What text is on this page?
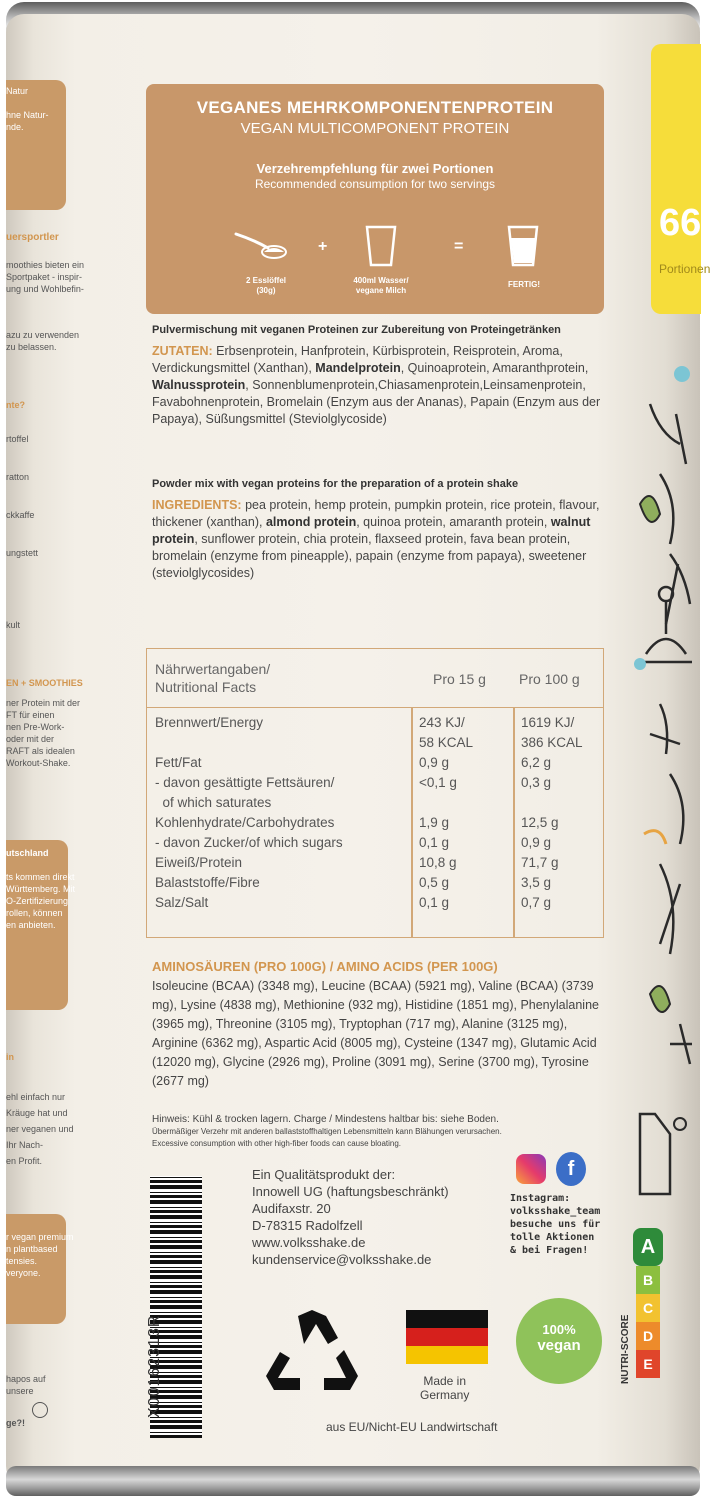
Natur
hne Natur-
nde.
uersportler
moothies bieten ein
Sportpaket - inspir-
ung und Wohlbefin-
azu zu verwenden
zu belassen.
nte?
rtoffel
ratton
ckkaffe
ungstett
kult
EN + SMOOTHIES
ner Protein mit der
FT für einen
nen Pre-Work-
oder mit der
RAFT als idealen
Workout-Shake.
utschland
ts kommen direkt
Württemberg. Mit
O-Zertifizierung
rollen, können
en anbieten.
in
ehl einfach nur
Kräuge hat und
ner veganen und
Ihr Nach-
en Profit.
r vegan premium
n plantbased
tensies.
veryone.
hapos auf
unsere
ge?!
VEGANES MEHRKOMPONENTENPROTEIN
VEGAN MULTICOMPONENT PROTEIN
Verzehrempfehlung für zwei Portionen
Recommended consumption for two servings
2 Esslöffel
(30g)
+
400ml Wasser/
vegane Milch
=
FERTIG!
66
Portionen
Pulvermischung mit veganen Proteinen zur Zubereitung von Proteingetränken
ZUTATEN: Erbsenprotein, Hanfprotein, Kürbisprotein, Reisprotein, Aroma, Verdickungsmittel (Xanthan), Mandelprotein, Quinoaprotein, Amaranthprotein, Walnussprotein, Sonnenblumenprotein,Chiasamenprotein,Leinsamenprotein, Favabohnenprotein, Bromelain (Enzym aus der Ananas), Papain (Enzym aus der Papaya), Süßungsmittel (Steviolglycoside)
Powder mix with vegan proteins for the preparation of a protein shake
INGREDIENTS: pea protein, hemp protein, pumpkin protein, rice protein, flavour, thickener (xanthan), almond protein, quinoa protein, amaranth protein, walnut protein, sunflower protein, chia protein, flaxseed protein, fava bean protein, bromelain (enzyme from pineapple), papain (enzyme from papaya), sweetener (steviolglycosides)
Nährwertangaben/
Nutritional Facts	Pro 15 g Pro 100 g
Brennwert/Energy	243 KJ/	1619 KJ/
58 KCAL	386 KCAL
Fett/Fat	0,9 g	6,2 g
- davon gesättigte Fettsäuren/	<0,1 g	0,3 g
of which saturates
Kohlenhydrate/Carbohydrates	1,9 g	12,5 g
- davon Zucker/of which sugars	0,1 g	0,9 g
Eiweiß/Protein	10,8 g	71,7 g
Balaststoffe/Fibre	0,5 g	3,5 g
Salz/Salt	0,1 g	0,7 g
AMINOSÄUREN (PRO 100G) / AMINO ACIDS (PER 100G)
Isoleucine (BCAA) (3348 mg), Leucine (BCAA) (5921 mg), Valine (BCAA) (3739 mg), Lysine (4838 mg), Methionine (932 mg), Histidine (1851 mg), Phenylalanine (3965 mg), Threonine (3105 mg), Tryptophan (717 mg), Alanine (3125 mg), Arginine (6362 mg), Aspartic Acid (8005 mg), Cysteine (1347 mg), Glutamic Acid (12020 mg), Glycine (2926 mg), Proline (3091 mg), Serine (3700 mg), Tyrosine (2677 mg)
Hinweis: Kühl & trocken lagern. Charge / Mindestens haltbar bis: siehe Boden.
Übermäßiger Verzehr mit anderen ballaststoffhaltigen Lebensmitteln kann Blähungen verursachen.
Excessive consumption with other high-fiber foods can cause bloating.
X00162313R
Ein Qualitätsprodukt der:
Innowell UG (haftungsbeschränkt)
Audifaxstr. 20
D-78315 Radolfzell
www.volksshake.de
kundenservice@volksshake.de
f
Instagram:
volksshake_team
besuche uns für
tolle Aktionen
& bei Fragen!
Made in
Germany
100%
vegan	NUTRI-SCORE
A
B
C
D
E
aus EU/Nicht-EU Landwirtschaft
